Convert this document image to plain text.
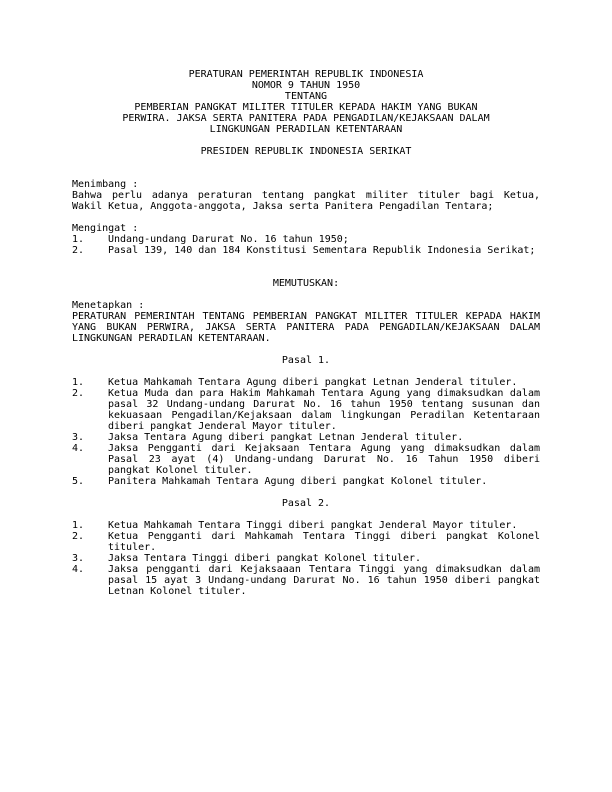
PERATURAN PEMERINTAH REPUBLIK INDONESIA
NOMOR 9 TAHUN 1950
TENTANG
PEMBERIAN PANGKAT MILITER TITULER KEPADA HAKIM YANG BUKAN
PERWIRA. JAKSA SERTA PANITERA PADA PENGADILAN/KEJAKSAAN DALAM
LINGKUNGAN PERADILAN KETENTARAAN
PRESIDEN REPUBLIK INDONESIA SERIKAT
Menimbang :
Bahwa perlu adanya peraturan tentang pangkat militer tituler bagi Ketua, Wakil Ketua, Anggota-anggota, Jaksa serta Panitera Pengadilan Tentara;
Mengingat :
1.	Undang-undang Darurat No. 16 tahun 1950;
2.	Pasal 139, 140 dan 184 Konstitusi Sementara Republik Indonesia Serikat;
MEMUTUSKAN:
Menetapkan :
PERATURAN PEMERINTAH TENTANG PEMBERIAN PANGKAT MILITER TITULER KEPADA HAKIM YANG BUKAN PERWIRA, JAKSA SERTA PANITERA PADA PENGADILAN/KEJAKSAAN DALAM LINGKUNGAN PERADILAN KETENTARAAN.
Pasal 1.
1.	Ketua Mahkamah Tentara Agung diberi pangkat Letnan Jenderal tituler.
2.	Ketua Muda dan para Hakim Mahkamah Tentara Agung yang dimaksudkan dalam pasal 32 Undang-undang Darurat No. 16 tahun 1950 tentang susunan dan kekuasaan Pengadilan/Kejaksaan dalam lingkungan Peradilan Ketentaraan diberi pangkat Jenderal Mayor tituler.
3.	Jaksa Tentara Agung diberi pangkat Letnan Jenderal tituler.
4.	Jaksa Pengganti dari Kejaksaan Tentara Agung yang dimaksudkan dalam Pasal 23 ayat (4) Undang-undang Darurat No. 16 Tahun 1950 diberi pangkat Kolonel tituler.
5.	Panitera Mahkamah Tentara Agung diberi pangkat Kolonel tituler.
Pasal 2.
1.	Ketua Mahkamah Tentara Tinggi diberi pangkat Jenderal Mayor tituler.
2.	Ketua Pengganti dari Mahkamah Tentara Tinggi diberi pangkat Kolonel tituler.
3.	Jaksa Tentara Tinggi diberi pangkat Kolonel tituler.
4.	Jaksa pengganti dari Kejaksaaan Tentara Tinggi yang dimaksudkan dalam pasal 15 ayat 3 Undang-undang Darurat No. 16 tahun 1950 diberi pangkat Letnan Kolonel tituler.
